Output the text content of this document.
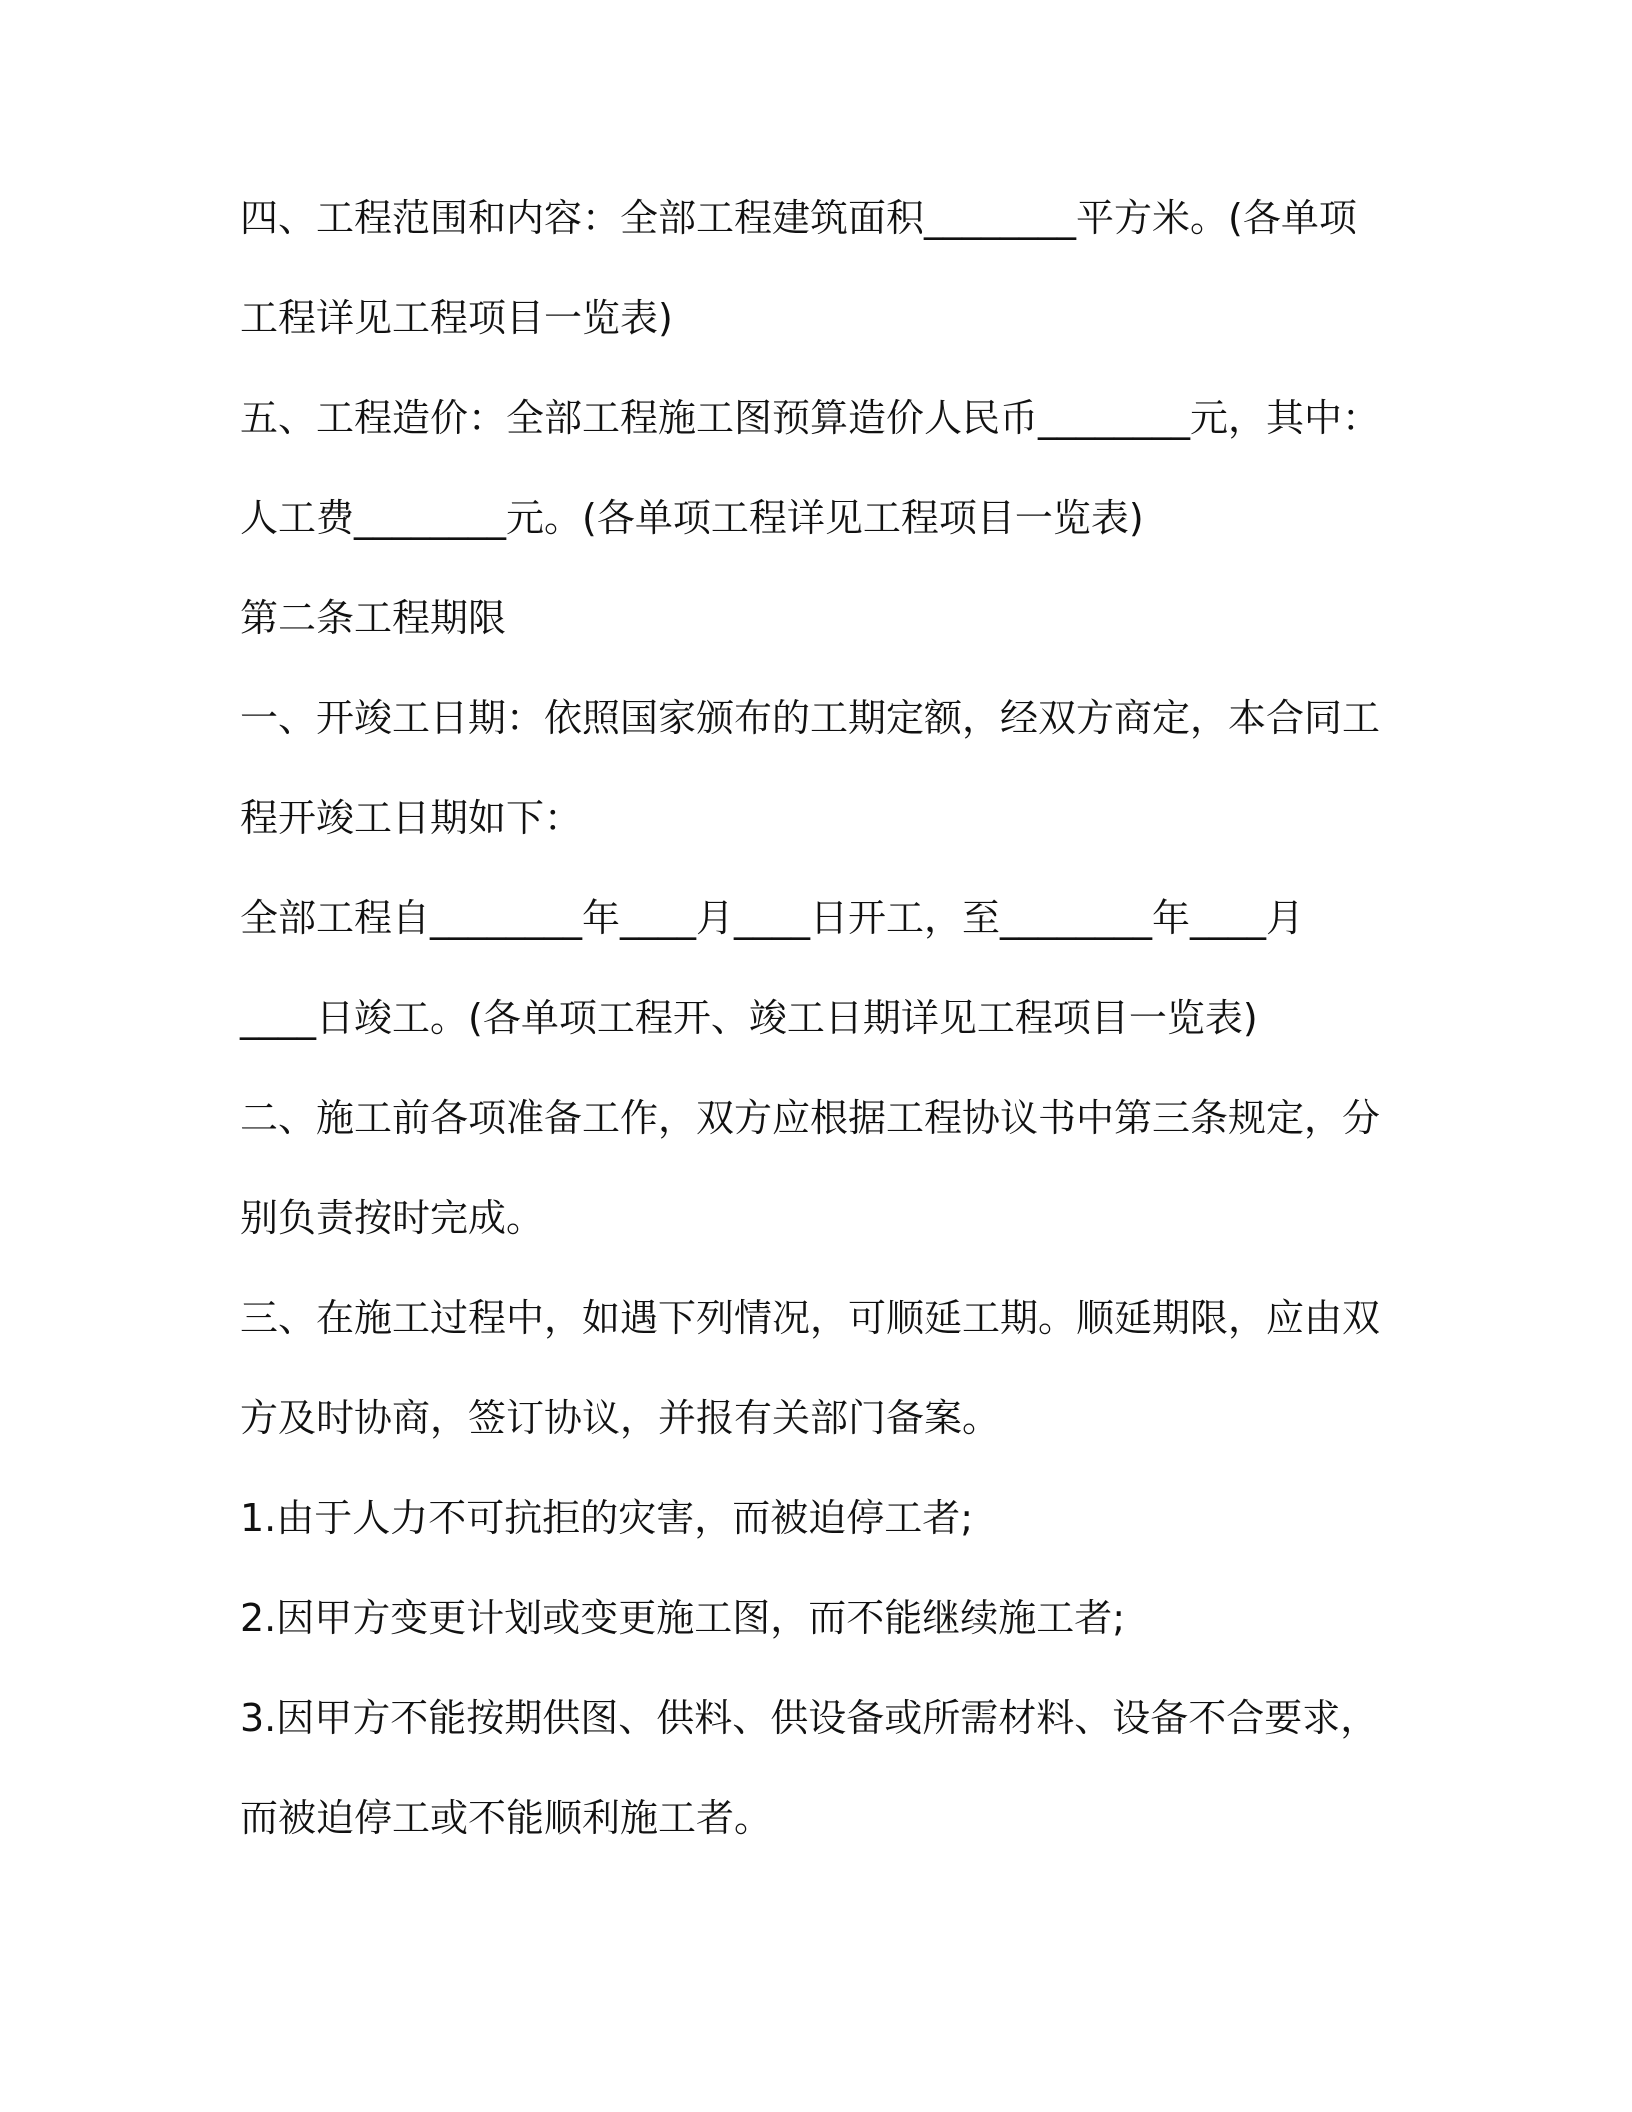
四、工程范围和内容：全部工程建筑面积________平方米。(各单项
工程详见工程项目一览表)
五、工程造价：全部工程施工图预算造价人民币________元，其中：
人工费________元。(各单项工程详见工程项目一览表)
第二条工程期限
一、开竣工日期：依照国家颁布的工期定额，经双方商定，本合同工
程开竣工日期如下：
全部工程自________年____月____日开工，至________年____月
____日竣工。(各单项工程开、竣工日期详见工程项目一览表)
二、施工前各项准备工作，双方应根据工程协议书中第三条规定，分
别负责按时完成。
三、在施工过程中，如遇下列情况，可顺延工期。顺延期限，应由双
方及时协商，签订协议，并报有关部门备案。
1.由于人力不可抗拒的灾害，而被迫停工者;
2.因甲方变更计划或变更施工图，而不能继续施工者;
3.因甲方不能按期供图、供料、供设备或所需材料、设备不合要求，
而被迫停工或不能顺利施工者。
